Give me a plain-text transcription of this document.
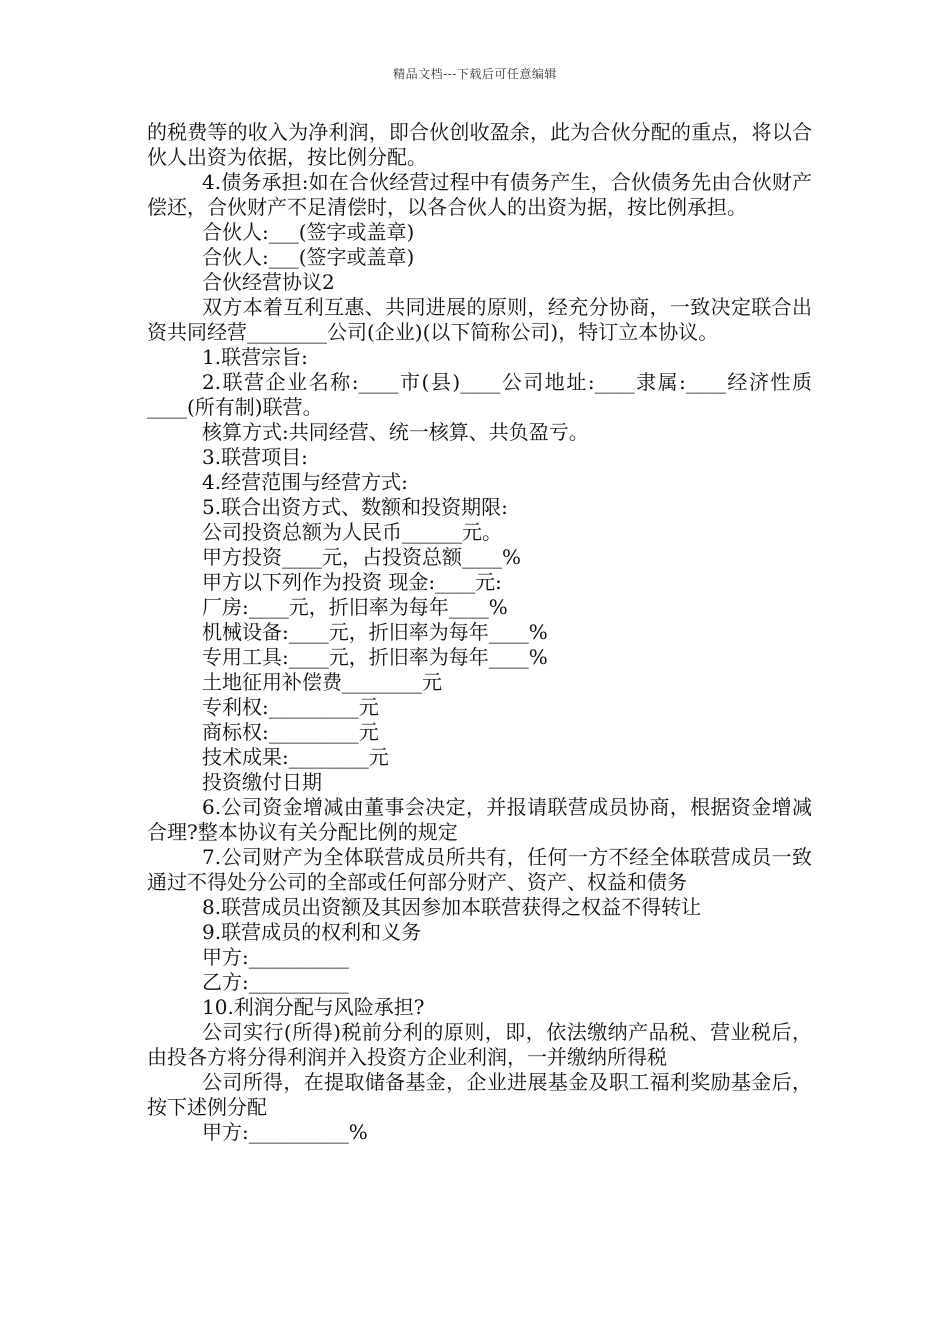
精品文档---下载后可任意编辑

的税费等的收入为净利润，即合伙创收盈余，此为合伙分配的重点，将以合伙人出资为依据，按比例分配。

4.债务承担:如在合伙经营过程中有债务产生，合伙债务先由合伙财产偿还，合伙财产不足清偿时，以各合伙人的出资为据，按比例承担。

合伙人:___(签字或盖章)

合伙人:___(签字或盖章)

合伙经营协议2

双方本着互利互惠、共同进展的原则，经充分协商，一致决定联合出资共同经营________公司(企业)(以下简称公司)，特订立本协议。

1.联营宗旨:

2.联营企业名称:____市(县)____公司地址:____隶属:____经济性质____(所有制)联营。

核算方式:共同经营、统一核算、共负盈亏。

3.联营项目:

4.经营范围与经营方式:

5.联合出资方式、数额和投资期限:

公司投资总额为人民币______元。

甲方投资____元，占投资总额____%

甲方以下列作为投资 现金:____元:

厂房:____元，折旧率为每年____%

机械设备:____元，折旧率为每年____%

专用工具:____元，折旧率为每年____%

土地征用补偿费________元

专利权:_________元

商标权:_________元

技术成果:________元

投资缴付日期

6.公司资金增减由董事会决定，并报请联营成员协商，根据资金增减合理?整本协议有关分配比例的规定

7.公司财产为全体联营成员所共有，任何一方不经全体联营成员一致通过不得处分公司的全部或任何部分财产、资产、权益和债务

8.联营成员出资额及其因参加本联营获得之权益不得转让

9.联营成员的权利和义务

甲方:__________

乙方:__________

10.利润分配与风险承担?

公司实行(所得)税前分利的原则，即，依法缴纳产品税、营业税后，由投各方将分得利润并入投资方企业利润，一并缴纳所得税

公司所得，在提取储备基金，企业进展基金及职工福利奖励基金后，按下述例分配

甲方:__________%
